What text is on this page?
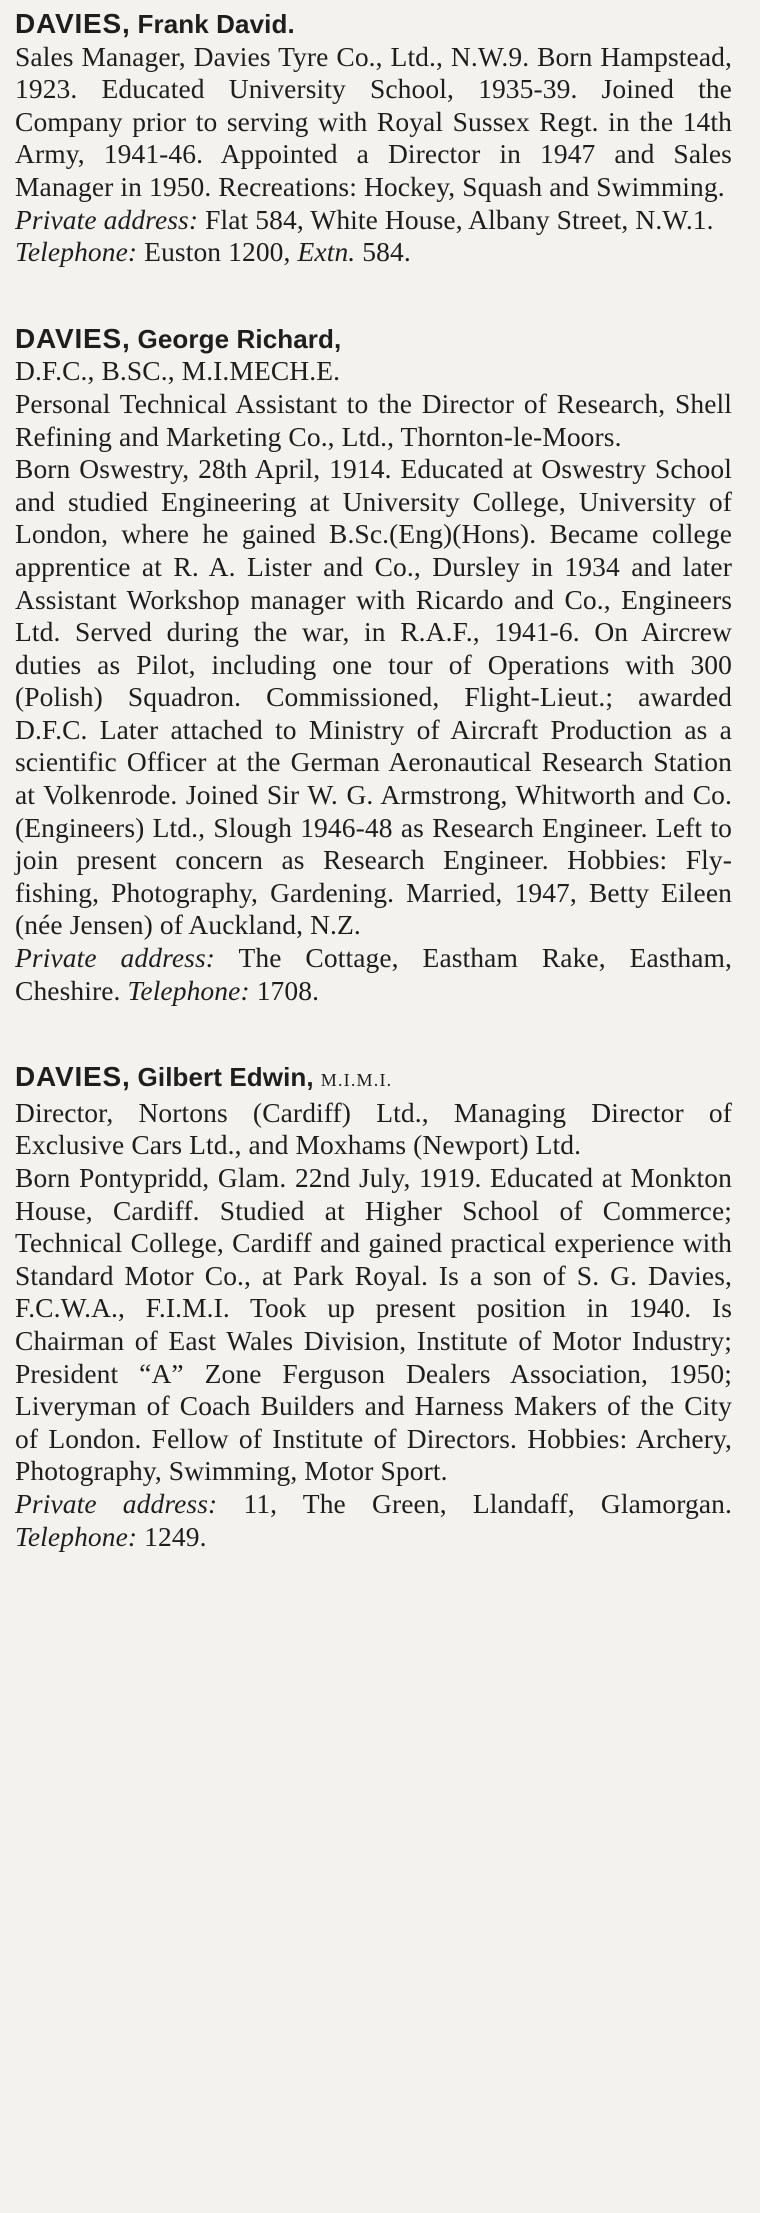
DAVIES, Frank David.

Sales Manager, Davies Tyre Co., Ltd., N.W.9. Born Hampstead, 1923. Educated University School, 1935-39. Joined the Company prior to serving with Royal Sussex Regt. in the 14th Army, 1941-46. Appointed a Director in 1947 and Sales Manager in 1950. Recreations: Hockey, Squash and Swimming.

Private address: Flat 584, White House, Albany Street, N.W.1.

Telephone: Euston 1200, Extn. 584.

DAVIES, George Richard,

D.F.C., B.SC., M.I.MECH.E.

Personal Technical Assistant to the Director of Research, Shell Refining and Marketing Co., Ltd., Thornton-le-Moors.

Born Oswestry, 28th April, 1914. Educated at Oswestry School and studied Engineering at University College, University of London, where he gained B.Sc.(Eng)(Hons). Became college apprentice at R. A. Lister and Co., Dursley in 1934 and later Assistant Workshop manager with Ricardo and Co., Engineers Ltd. Served during the war, in R.A.F., 1941-6. On Aircrew duties as Pilot, including one tour of Operations with 300 (Polish) Squadron. Commissioned, Flight-Lieut.; awarded D.F.C. Later attached to Ministry of Aircraft Production as a scientific Officer at the German Aeronautical Research Station at Volkenrode. Joined Sir W. G. Armstrong, Whitworth and Co. (Engineers) Ltd., Slough 1946-48 as Research Engineer. Left to join present concern as Research Engineer. Hobbies: Fly-fishing, Photography, Gardening. Married, 1947, Betty Eileen (née Jensen) of Auckland, N.Z.

Private address: The Cottage, Eastham Rake, Eastham, Cheshire. Telephone: 1708.

DAVIES, Gilbert Edwin, M.I.M.I.

Director, Nortons (Cardiff) Ltd., Managing Director of Exclusive Cars Ltd., and Moxhams (Newport) Ltd.

Born Pontypridd, Glam. 22nd July, 1919. Educated at Monkton House, Cardiff. Studied at Higher School of Commerce; Technical College, Cardiff and gained practical experience with Standard Motor Co., at Park Royal. Is a son of S. G. Davies, F.C.W.A., F.I.M.I. Took up present position in 1940. Is Chairman of East Wales Division, Institute of Motor Industry; President “A” Zone Ferguson Dealers Association, 1950; Liveryman of Coach Builders and Harness Makers of the City of London. Fellow of Institute of Directors. Hobbies: Archery, Photography, Swimming, Motor Sport.

Private address: 11, The Green, Llandaff, Glamorgan. Telephone: 1249.
